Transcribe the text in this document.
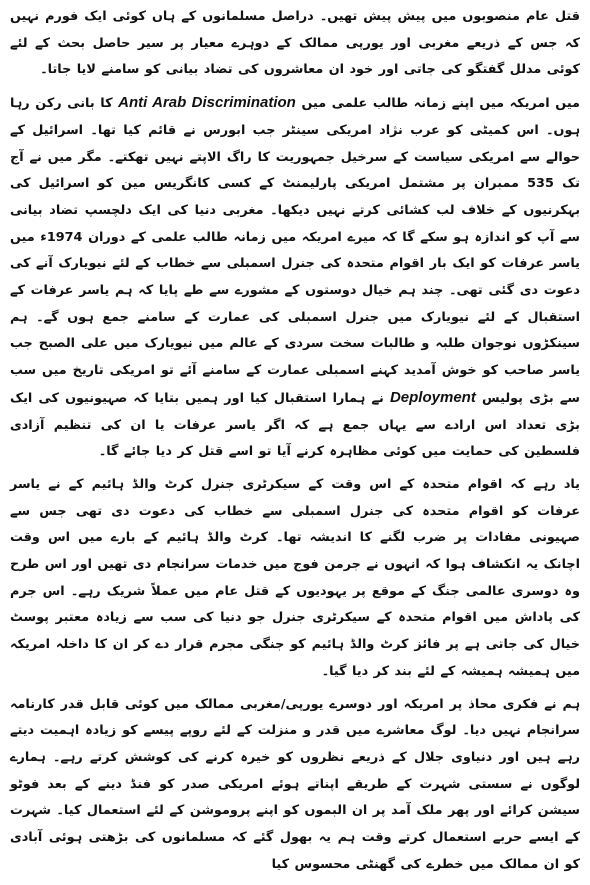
قتل عام منصوبوں میں پیش پیش تھیں۔ دراصل مسلمانوں کے ہاں کوئی ایک فورم نہیں کہ جس کے ذریعے مغربی اور یورپی ممالک کے دوہرے معیار پر سیر حاصل بحث کے لئے کوئی مدلل گفتگو کی جاتی اور خود ان معاشروں کی تضاد بیانی کو سامنے لایا جاتا۔

میں امریکہ میں اپنے زمانہ طالب علمی میں Anti Arab Discrimination کا بانی رکن رہا ہوں۔ اس کمیٹی کو عرب نژاد امریکی سینٹر جب ابورس نے قائم کیا تھا۔ اسرائیل کے حوالے سے امریکی سیاست کے سرخیل جمہوریت کا راگ الاپتے نہیں تھکتے۔ مگر میں نے آج تک 535 ممبران پر مشتمل امریکی پارلیمنٹ کے کسی کانگریس مین کو اسرائیل کی بہکرنیوں کے خلاف لب کشائی کرتے نہیں دیکھا۔ مغربی دنیا کی ایک دلچسپ تضاد بیانی سے آپ کو اندازہ ہو سکے گا کہ میرے امریکہ میں زمانہ طالب علمی کے دوران 1974ء میں یاسر عرفات کو ایک بار اقوام متحدہ کی جنرل اسمبلی سے خطاب کے لئے نیویارک آنے کی دعوت دی گئی تھی۔ چند ہم خیال دوستوں کے مشورے سے طے پایا کہ ہم یاسر عرفات کے استقبال کے لئے نیویارک میں جنرل اسمبلی کی عمارت کے سامنے جمع ہوں گے۔ ہم سینکڑوں نوجوان طلبہ و طالبات سخت سردی کے عالم میں نیویارک میں علی الصبح جب یاسر صاحب کو خوش آمدید کہنے اسمبلی عمارت کے سامنے آئے تو امریکی تاریخ میں سب سے بڑی پولیس Deployment نے ہمارا استقبال کیا اور ہمیں بتایا کہ صہیونیوں کی ایک بڑی تعداد اس ارادے سے یہاں جمع ہے کہ اگر یاسر عرفات یا ان کی تنظیم آزادی فلسطین کی حمایت میں کوئی مظاہرہ کرنے آیا تو اسے قتل کر دیا جائے گا۔

یاد رہے کہ اقوام متحدہ کے اس وقت کے سیکرٹری جنرل کرٹ والڈ ہائیم کے نے یاسر عرفات کو اقوام متحدہ کی جنرل اسمبلی سے خطاب کی دعوت دی تھی جس سے صہیونی مفادات پر ضرب لگنے کا اندیشہ تھا۔ کرٹ والڈ ہائیم کے بارے میں اس وقت اچانک یہ انکشاف ہوا کہ انہوں نے جرمن فوج میں خدمات سرانجام دی تھیں اور اس طرح وہ دوسری عالمی جنگ کے موقع پر یہودیوں کے قتل عام میں عملاً شریک رہے۔ اس جرم کی پاداش میں اقوام متحدہ کے سیکرٹری جنرل جو دنیا کی سب سے زیادہ معتبر پوسٹ خیال کی جاتی ہے پر فائز کرٹ والڈ ہائیم کو جنگی مجرم قرار دے کر ان کا داخلہ امریکہ میں ہمیشہ ہمیشہ کے لئے بند کر دیا گیا۔

ہم نے فکری محاذ پر امریکہ اور دوسرے یورپی/مغربی ممالک میں کوئی قابل قدر کارنامہ سرانجام نہیں دیا۔ لوگ معاشرے میں قدر و منزلت کے لئے روپے پیسے کو زیادہ اہمیت دیتے رہے ہیں اور دنیاوی جلال کے ذریعے نظروں کو خیرہ کرنے کی کوشش کرتے رہے۔ ہمارے لوگوں نے سستی شہرت کے طریقے اپناتے ہوئے امریکی صدر کو فنڈ دینے کے بعد فوٹو سیشن کرائے اور پھر ملک آمد پر ان البموں کو اپنے پروموشن کے لئے استعمال کیا۔ شہرت کے ایسے حربے استعمال کرتے وقت ہم یہ بھول گئے کہ مسلمانوں کی بڑھتی ہوئی آبادی کو ان ممالک میں خطرے کی گھنٹی محسوس کیا
